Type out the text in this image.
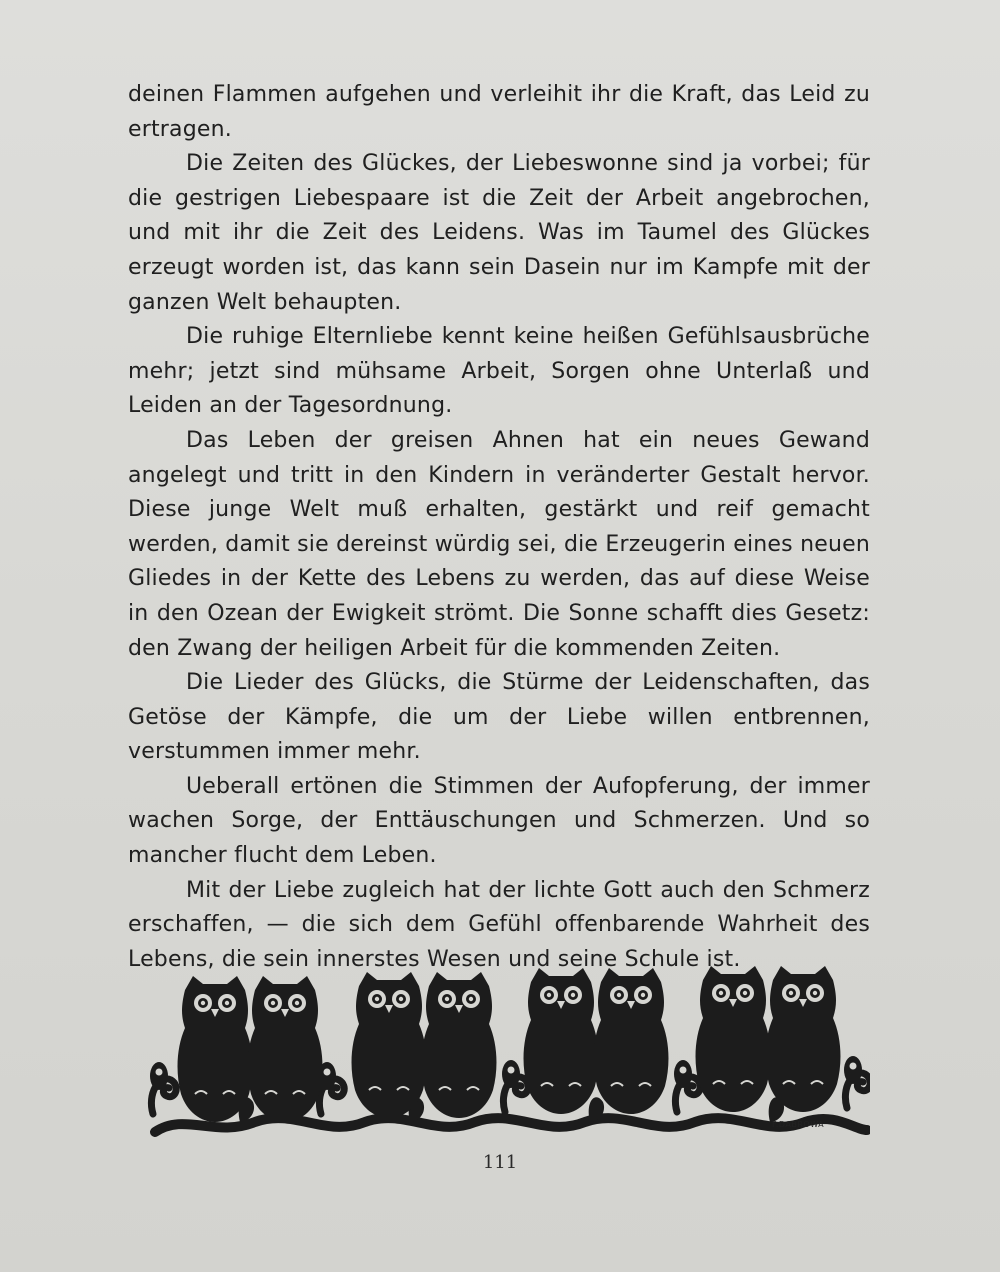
deinen Flammen aufgehen und verleihit ihr die Kraft, das Leid zu ertragen.

Die Zeiten des Glückes, der Liebeswonne sind ja vorbei; für die gestrigen Liebespaare ist die Zeit der Arbeit angebrochen, und mit ihr die Zeit des Leidens. Was im Taumel des Glückes erzeugt worden ist, das kann sein Dasein nur im Kampfe mit der ganzen Welt behaupten.

Die ruhige Elternliebe kennt keine heißen Gefühlsausbrüche mehr; jetzt sind mühsame Arbeit, Sorgen ohne Unterlaß und Leiden an der Tagesordnung.

Das Leben der greisen Ahnen hat ein neues Gewand angelegt und tritt in den Kindern in veränderter Gestalt hervor. Diese junge Welt muß erhalten, gestärkt und reif gemacht werden, damit sie dereinst würdig sei, die Erzeugerin eines neuen Gliedes in der Kette des Lebens zu werden, das auf diese Weise in den Ozean der Ewigkeit strömt. Die Sonne schafft dies Gesetz: den Zwang der heiligen Arbeit für die kommenden Zeiten.

Die Lieder des Glücks, die Stürme der Leidenschaften, das Getöse der Kämpfe, die um der Liebe willen entbrennen, verstummen immer mehr.

Ueberall ertönen die Stimmen der Aufopferung, der immer wachen Sorge, der Enttäuschungen und Schmerzen. Und so mancher flucht dem Leben.

Mit der Liebe zugleich hat der lichte Gott auch den Schmerz erschaffen, — die sich dem Gefühl offenbarende Wahrheit des Lebens, die sein innerstes Wesen und seine Schule ist.

F.DABROWA
111
